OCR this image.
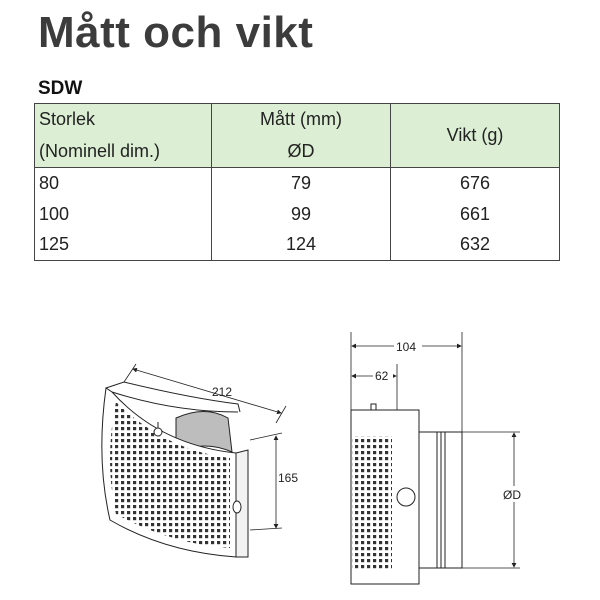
Mått och vikt
SDW
Storlek	Mått (mm)	Vikt (g)
(Nominell dim.)	ØD	
80	79	676
100	99	661
125	124	632
212
165
104
62
ØD
